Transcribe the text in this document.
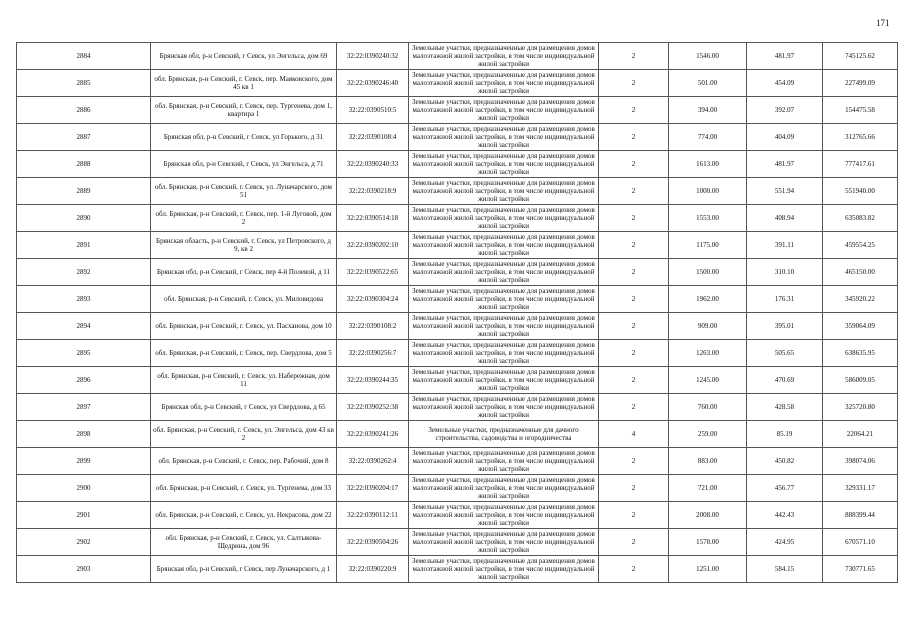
171
2884	Брянская обл, р-н Севский, г Севск, ул Энгельса, дом 69	32:22:0390240:32	Земельные участки, предназначенные для размещения домов малоэтажной жилой застройки, в том числе индивидуальной жилой застройки	2	1546.00	481.97	745125.62
2885	обл. Брянская, р-н Севский, г. Севск, пер. Маяковского, дом 45 кв 1	32:22:0390246:40	Земельные участки, предназначенные для размещения домов малоэтажной жилой застройки, в том числе индивидуальной жилой застройки	2	501.00	454.09	227499.09
2886	обл. Брянская, р-н Севский, г. Севск, пер. Тургенева, дом 1, квартира 1	32:22:0390510:5	Земельные участки, предназначенные для размещения домов малоэтажной жилой застройки, в том числе индивидуальной жилой застройки	2	394.00	392.07	154475.58
2887	Брянская обл, р-н Севский, г Севск, ул Горького, д 31	32:22:0390108:4	Земельные участки, предназначенные для размещения домов малоэтажной жилой застройки, в том числе индивидуальной жилой застройки	2	774.00	404.09	312765.66
2888	Брянская обл, р-н Севский, г Севск, ул Энгельса, д 71	32:22:0390240:33	Земельные участки, предназначенные для размещения домов малоэтажной жилой застройки, в том числе индивидуальной жилой застройки	2	1613.00	481.97	777417.61
2889	обл. Брянская, р-н Севский, г. Севск, ул. Луначарского, дом 51	32:22:0390218:9	Земельные участки, предназначенные для размещения домов малоэтажной жилой застройки, в том числе индивидуальной жилой застройки	2	1000.00	551.94	551940.00
2890	обл. Брянская, р-н Севский, г. Севск, пер. 1-й Луговой, дом 2	32:22:0390514:18	Земельные участки, предназначенные для размещения домов малоэтажной жилой застройки, в том числе индивидуальной жилой застройки	2	1553.00	408.94	635083.82
2891	Брянская область, р-н Севский, г. Севск, ул Петровского, д 9, кв 2	32:22:0390202:10	Земельные участки, предназначенные для размещения домов малоэтажной жилой застройки, в том числе индивидуальной жилой застройки	2	1175.00	391.11	459554.25
2892	Брянская обл, р-н Севский, г Севск, пер 4-й Полевой, д 11	32:22:0390522:65	Земельные участки, предназначенные для размещения домов малоэтажной жилой застройки, в том числе индивидуальной жилой застройки	2	1500.00	310.10	465150.00
2893	обл. Брянская, р-н Севский, г. Севск, ул. Миловидова	32:22:0390304:24	Земельные участки, предназначенные для размещения домов малоэтажной жилой застройки, в том числе индивидуальной жилой застройки	2	1962.00	176.31	345920.22
2894	обл. Брянская, р-н Севский, г. Севск, ул. Пасханова, дом 10	32:22:0390108:2	Земельные участки, предназначенные для размещения домов малоэтажной жилой застройки, в том числе индивидуальной жилой застройки	2	909.00	395.01	359064.09
2895	обл. Брянская, р-н Севский, г. Севск, пер. Свердлова, дом 5	32:22:0390256:7	Земельные участки, предназначенные для размещения домов малоэтажной жилой застройки, в том числе индивидуальной жилой застройки	2	1263.00	505.65	638635.95
2896	обл. Брянская, р-н Севский, г. Севск, ул. Набережная, дом 11	32:22:0390244:35	Земельные участки, предназначенные для размещения домов малоэтажной жилой застройки, в том числе индивидуальной жилой застройки	2	1245.00	470.69	586009.05
2897	Брянская обл, р-н Севский, г Севск, ул Свердлова, д 65	32:22:0390252:38	Земельные участки, предназначенные для размещения домов малоэтажной жилой застройки, в том числе индивидуальной жилой застройки	2	760.00	428.58	325720.80
2898	обл. Брянская, р-н Севский, г. Севск, ул. Энгельса, дом 43 кв 2	32:22:0390241:26	Земельные участки, предназначенные для дачного строительства, садоводства и огородничества	4	259.00	85.19	22064.21
2899	обл. Брянская, р-н Севский, г. Севск, пер. Рабочий, дом 8	32:22:0390262:4	Земельные участки, предназначенные для размещения домов малоэтажной жилой застройки, в том числе индивидуальной жилой застройки	2	883.00	450.82	398074.06
2900	обл. Брянская, р-н Севский, г. Севск, ул. Тургенева, дом 33	32:22:0390204:17	Земельные участки, предназначенные для размещения домов малоэтажной жилой застройки, в том числе индивидуальной жилой застройки	2	721.00	456.77	329331.17
2901	обл. Брянская, р-н Севский, г. Севск, ул. Некрасова, дом 22	32:22:0390112:11	Земельные участки, предназначенные для размещения домов малоэтажной жилой застройки, в том числе индивидуальной жилой застройки	2	2008.00	442.43	888399.44
2902	обл. Брянская, р-н Севский, г. Севск, ул. Салтыкова-Щедрина, дом 96	32:22:0390504:26	Земельные участки, предназначенные для размещения домов малоэтажной жилой застройки, в том числе индивидуальной жилой застройки	2	1578.00	424.95	670571.10
2903	Брянская обл, р-н Севский, г Севск, пер Луначарского, д 1	32:22:0390220:9	Земельные участки, предназначенные для размещения домов малоэтажной жилой застройки, в том числе индивидуальной жилой застройки	2	1251.00	584.15	730771.65
